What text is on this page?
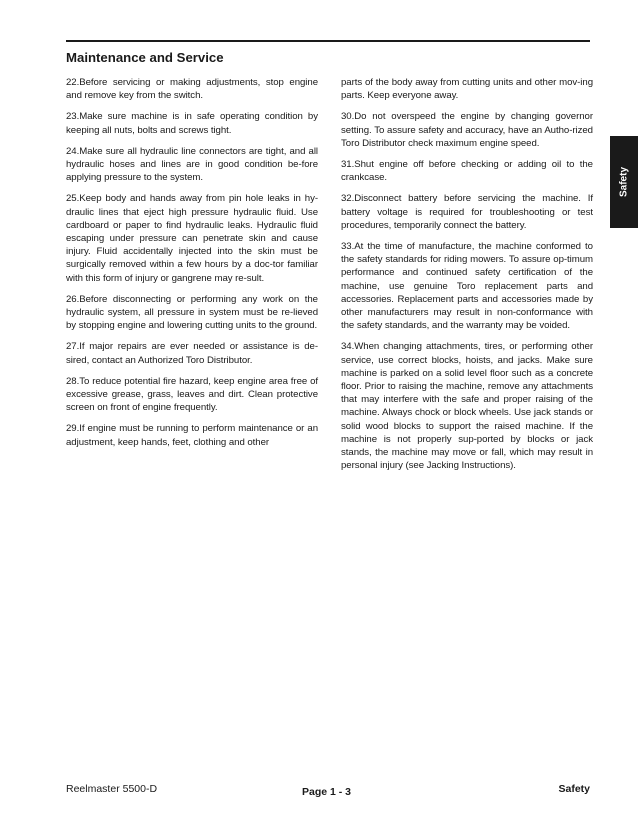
Maintenance and Service

22.Before servicing or making adjustments, stop engine and remove key from the switch.

23.Make sure machine is in safe operating condition by keeping all nuts, bolts and screws tight.

24.Make sure all hydraulic line connectors are tight, and all hydraulic hoses and lines are in good condition be-fore applying pressure to the system.

25.Keep body and hands away from pin hole leaks in hy-draulic lines that eject high pressure hydraulic fluid. Use cardboard or paper to find hydraulic leaks. Hydraulic fluid escaping under pressure can penetrate skin and cause injury. Fluid accidentally injected into the skin must be surgically removed within a few hours by a doc-tor familiar with this form of injury or gangrene may re-sult.

26.Before disconnecting or performing any work on the hydraulic system, all pressure in system must be re-lieved by stopping engine and lowering cutting units to the ground.

27.If major repairs are ever needed or assistance is de-sired, contact an Authorized Toro Distributor.

28.To reduce potential fire hazard, keep engine area free of excessive grease, grass, leaves and dirt. Clean protective screen on front of engine frequently.

29.If engine must be running to perform maintenance or an adjustment, keep hands, feet, clothing and other

parts of the body away from cutting units and other mov-ing parts. Keep everyone away.

30.Do not overspeed the engine by changing governor setting. To assure safety and accuracy, have an Autho-rized Toro Distributor check maximum engine speed.

31.Shut engine off before checking or adding oil to the crankcase.

32.Disconnect battery before servicing the machine. If battery voltage is required for troubleshooting or test procedures, temporarily connect the battery.

33.At the time of manufacture, the machine conformed to the safety standards for riding mowers. To assure op-timum performance and continued safety certification of the machine, use genuine Toro replacement parts and accessories. Replacement parts and accessories made by other manufacturers may result in non-conformance with the safety standards, and the warranty may be voided.

34.When changing attachments, tires, or performing other service, use correct blocks, hoists, and jacks. Make sure machine is parked on a solid level floor such as a concrete floor. Prior to raising the machine, remove any attachments that may interfere with the safe and proper raising of the machine. Always chock or block wheels. Use jack stands or solid wood blocks to support the raised machine. If the machine is not properly sup-ported by blocks or jack stands, the machine may move or fall, which may result in personal injury (see Jacking Instructions).

Safety
Reelmaster 5500-D	Page 1 - 3	Safety
